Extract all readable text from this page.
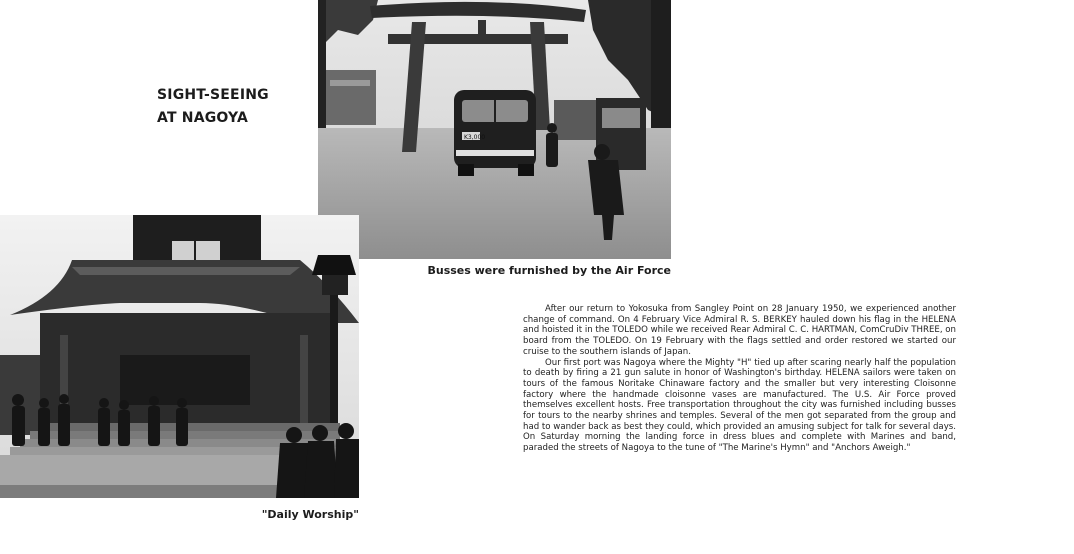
SIGHT-SEEING
AT NAGOYA
K3,000
Busses were furnished by the Air Force
"Daily Worship"

After our return to Yokosuka from Sangley Point on 28 January 1950, we experienced another change of command. On 4 February Vice Admiral R. S. BERKEY hauled down his flag in the HELENA and hoisted it in the TOLEDO while we received Rear Admiral C. C. HARTMAN, ComCruDiv THREE, on board from the TOLEDO. On 19 February with the flags settled and order restored we started our cruise to the southern islands of Japan.

Our first port was Nagoya where the Mighty "H" tied up after scaring nearly half the population to death by firing a 21 gun salute in honor of Washington's birthday. HELENA sailors were taken on tours of the famous Noritake Chinaware factory and the smaller but very interesting Cloisonne factory where the handmade cloisonne vases are manufactured. The U.S. Air Force proved themselves excellent hosts. Free transportation throughout the city was furnished including busses for tours to the nearby shrines and temples. Several of the men got separated from the group and had to wander back as best they could, which provided an amusing subject for talk for several days. On Saturday morning the landing force in dress blues and complete with Marines and band, paraded the streets of Nagoya to the tune of "The Marine's Hymn" and "Anchors Aweigh."
